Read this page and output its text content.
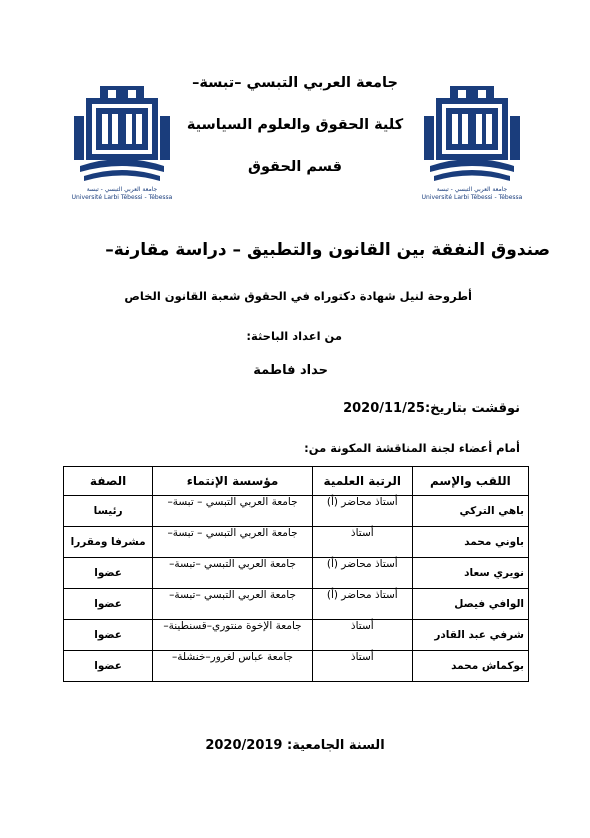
جامعة العربي التبسي - تبسة
Université Larbi Tébessi - Tébessa
جامعة العربي التبسي - تبسة
Université Larbi Tébessi - Tébessa
جامعة العربي التبسي –تبسة–
كلية الحقوق والعلوم السياسية
قسم الحقوق
صندوق النفقة بين القانون والتطبيق – دراسة مقارنة–
أطروحة لنيل شهادة دكتوراه في الحقوق شعبة القانون الخاص
من اعداد الباحثة:
حداد فاطمة
نوقشت بتاريخ:2020/11/25
أمام أعضاء لجنة المناقشة المكونة من:
اللقب والإسم	الرتبة العلمية	مؤسسة الإنتماء	الصفة
باهي التركي	أستاذ محاضر (أ)	جامعة العربي التبسي – تبسة–	رئيسا
باوني محمد	أستاذ	جامعة العربي التبسي – تبسة–	مشرفا ومقررا
نويري سعاد	أستاذ محاضر (أ)	جامعة العربي التبسي –تبسة–	عضوا
الوافي فيصل	أستاذ محاضر (أ)	جامعة العربي التبسي –تبسة–	عضوا
شرفي عبد القادر	أستاذ	جامعة الإخوة منتوري–قسنطينة–	عضوا
بوكماش محمد	أستاذ	جامعة عباس لغرور–خنشلة–	عضوا
السنة الجامعية: 2020/2019
